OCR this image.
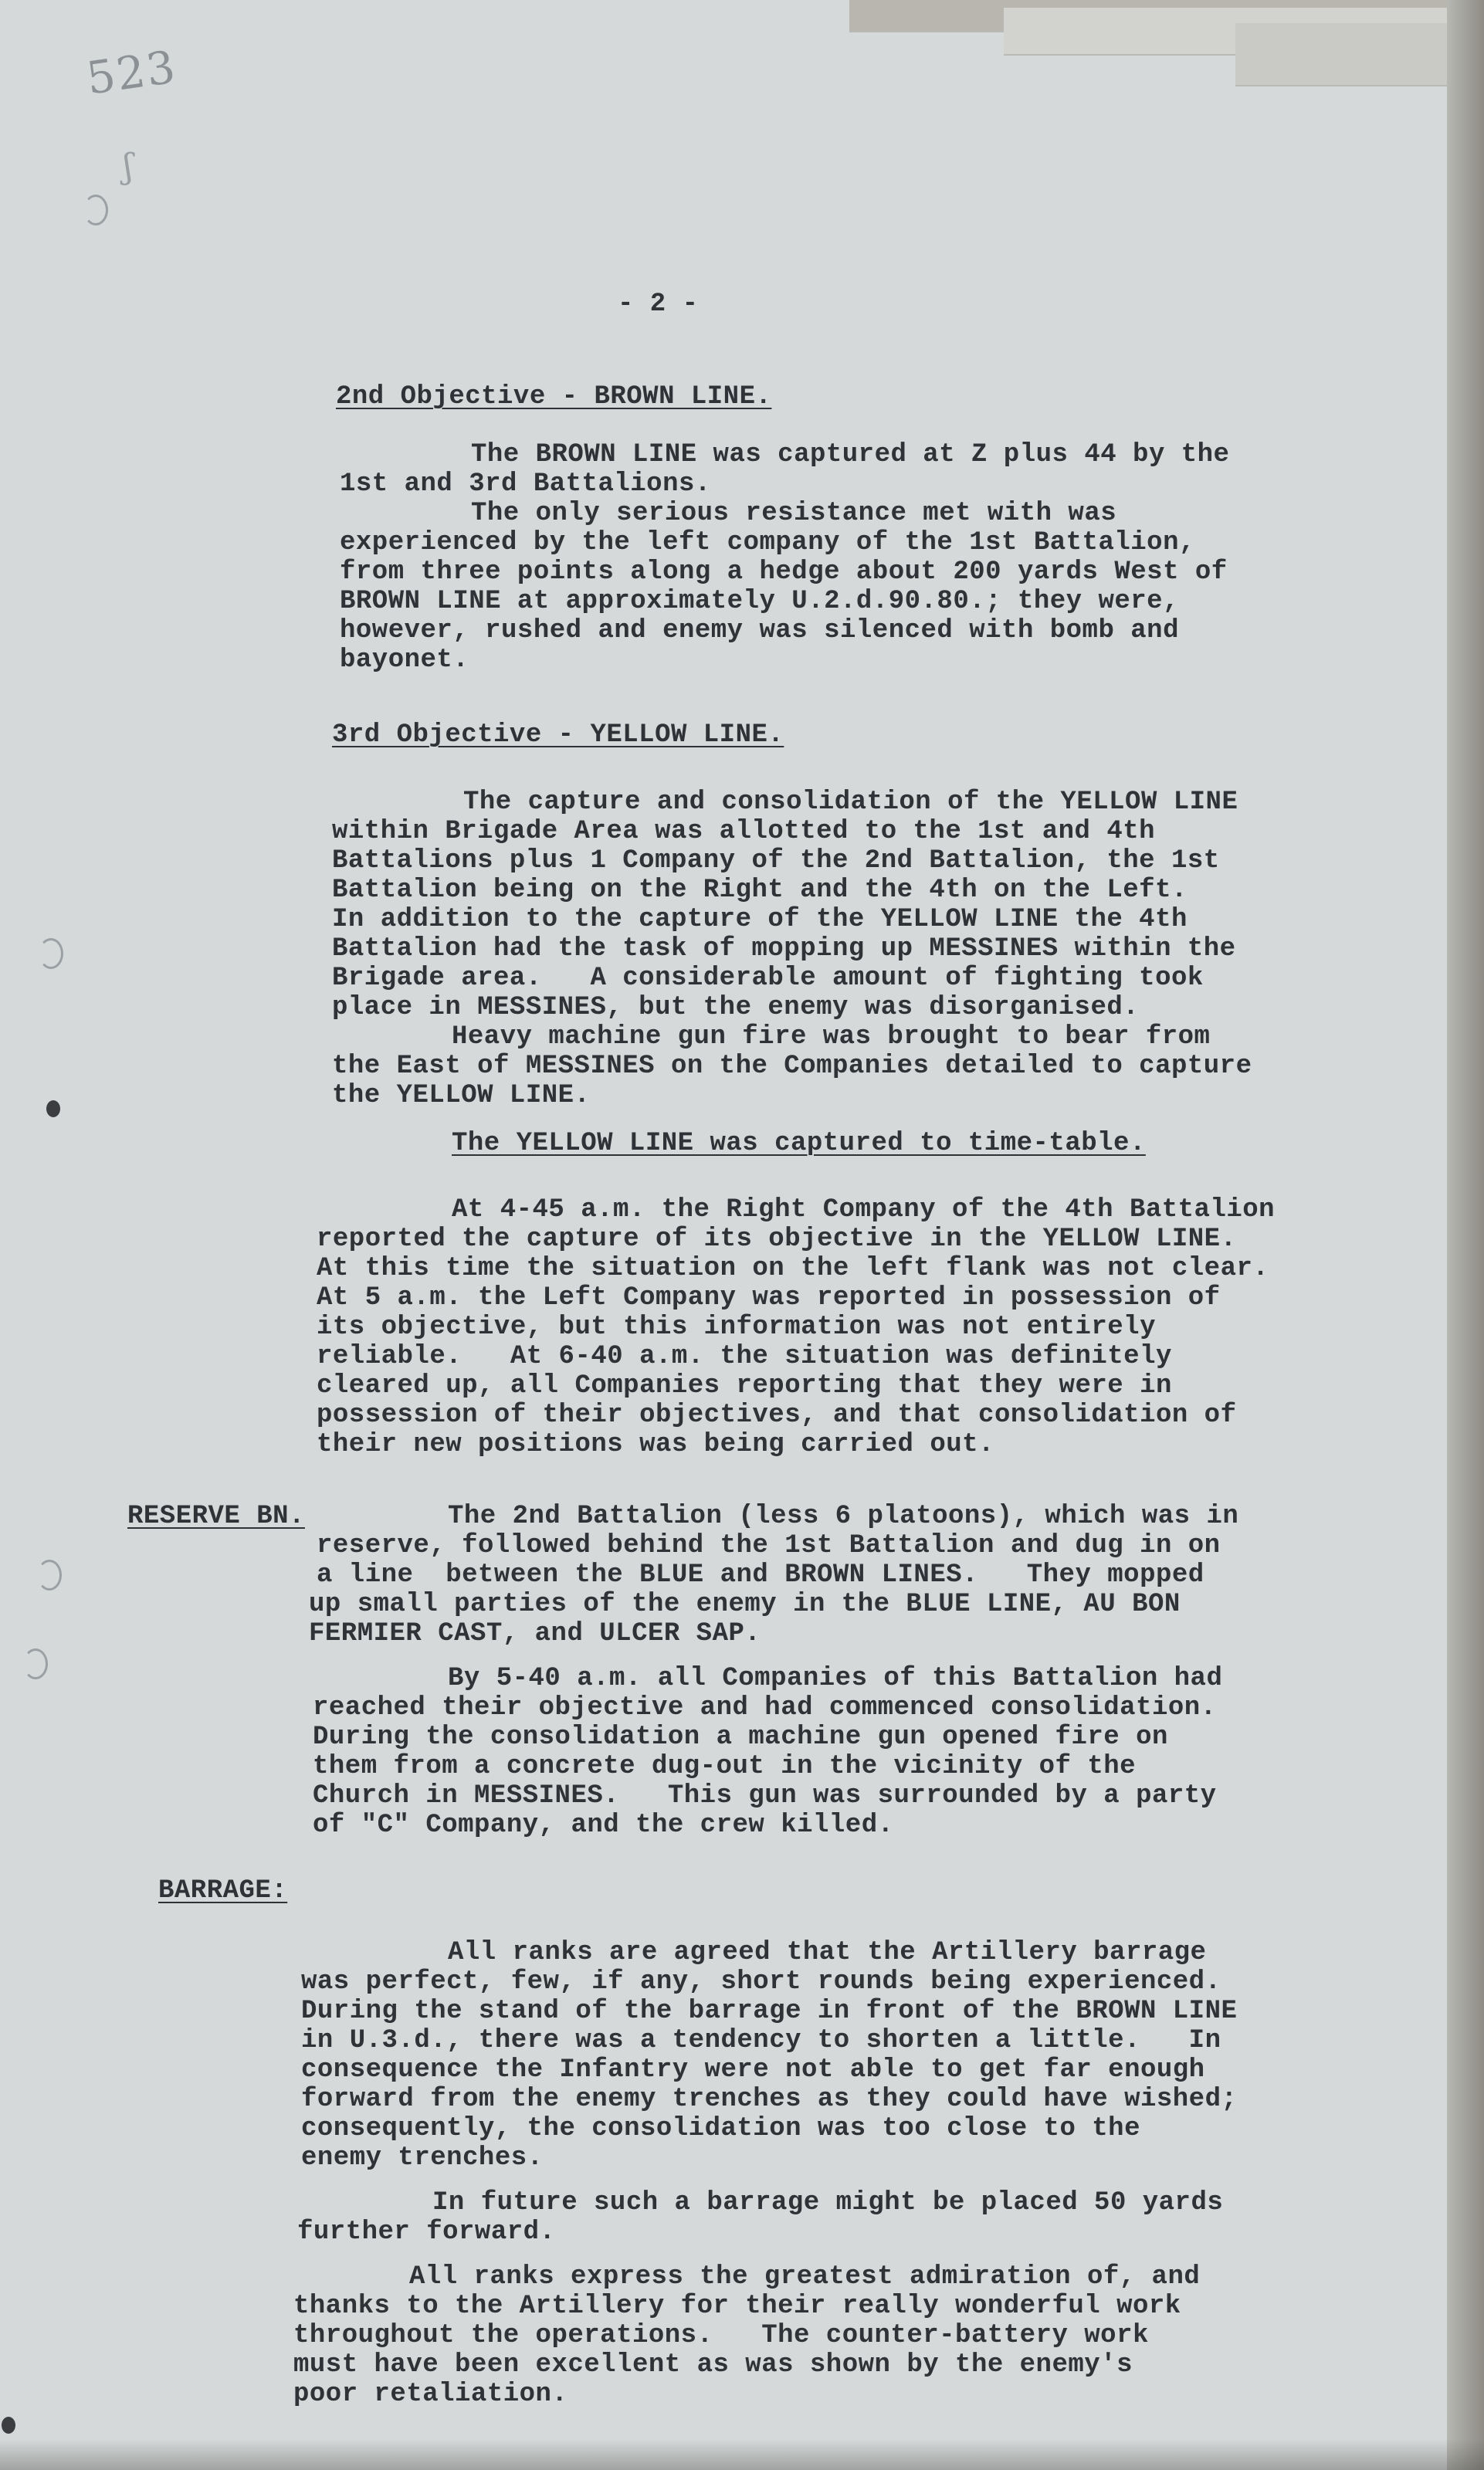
523
ʃ
- 2 -
2nd Objective - BROWN LINE.
The BROWN LINE was captured at Z plus 44 by the
1st and 3rd Battalions.
The only serious resistance met with was
experienced by the left company of the 1st Battalion,
from three points along a hedge about 200 yards West of
BROWN LINE at approximately U.2.d.90.80.; they were,
however, rushed and enemy was silenced with bomb and
bayonet.
3rd Objective - YELLOW LINE.
The capture and consolidation of the YELLOW LINE
within Brigade Area was allotted to the 1st and 4th
Battalions plus 1 Company of the 2nd Battalion, the 1st
Battalion being on the Right and the 4th on the Left.
In addition to the capture of the YELLOW LINE the 4th
Battalion had the task of mopping up MESSINES within the
Brigade area.   A considerable amount of fighting took
place in MESSINES, but the enemy was disorganised.
Heavy machine gun fire was brought to bear from
the East of MESSINES on the Companies detailed to capture
the YELLOW LINE.
The YELLOW LINE was captured to time-table.
At 4-45 a.m. the Right Company of the 4th Battalion
reported the capture of its objective in the YELLOW LINE.
At this time the situation on the left flank was not clear.
At 5 a.m. the Left Company was reported in possession of
its objective, but this information was not entirely
reliable.   At 6-40 a.m. the situation was definitely
cleared up, all Companies reporting that they were in
possession of their objectives, and that consolidation of
their new positions was being carried out.
RESERVE BN.	The 2nd Battalion (less 6 platoons), which was in
reserve, followed behind the 1st Battalion and dug in on
a line  between the BLUE and BROWN LINES.   They mopped
up small parties of the enemy in the BLUE LINE, AU BON
FERMIER CAST, and ULCER SAP.
By 5-40 a.m. all Companies of this Battalion had
reached their objective and had commenced consolidation.
During the consolidation a machine gun opened fire on
them from a concrete dug-out in the vicinity of the
Church in MESSINES.   This gun was surrounded by a party
of "C" Company, and the crew killed.
BARRAGE:
All ranks are agreed that the Artillery barrage
was perfect, few, if any, short rounds being experienced.
During the stand of the barrage in front of the BROWN LINE
in U.3.d., there was a tendency to shorten a little.   In
consequence the Infantry were not able to get far enough
forward from the enemy trenches as they could have wished;
consequently, the consolidation was too close to the
enemy trenches.
In future such a barrage might be placed 50 yards
further forward.
All ranks express the greatest admiration of, and
thanks to the Artillery for their really wonderful work
throughout the operations.   The counter-battery work
must have been excellent as was shown by the enemy's
poor retaliation.
